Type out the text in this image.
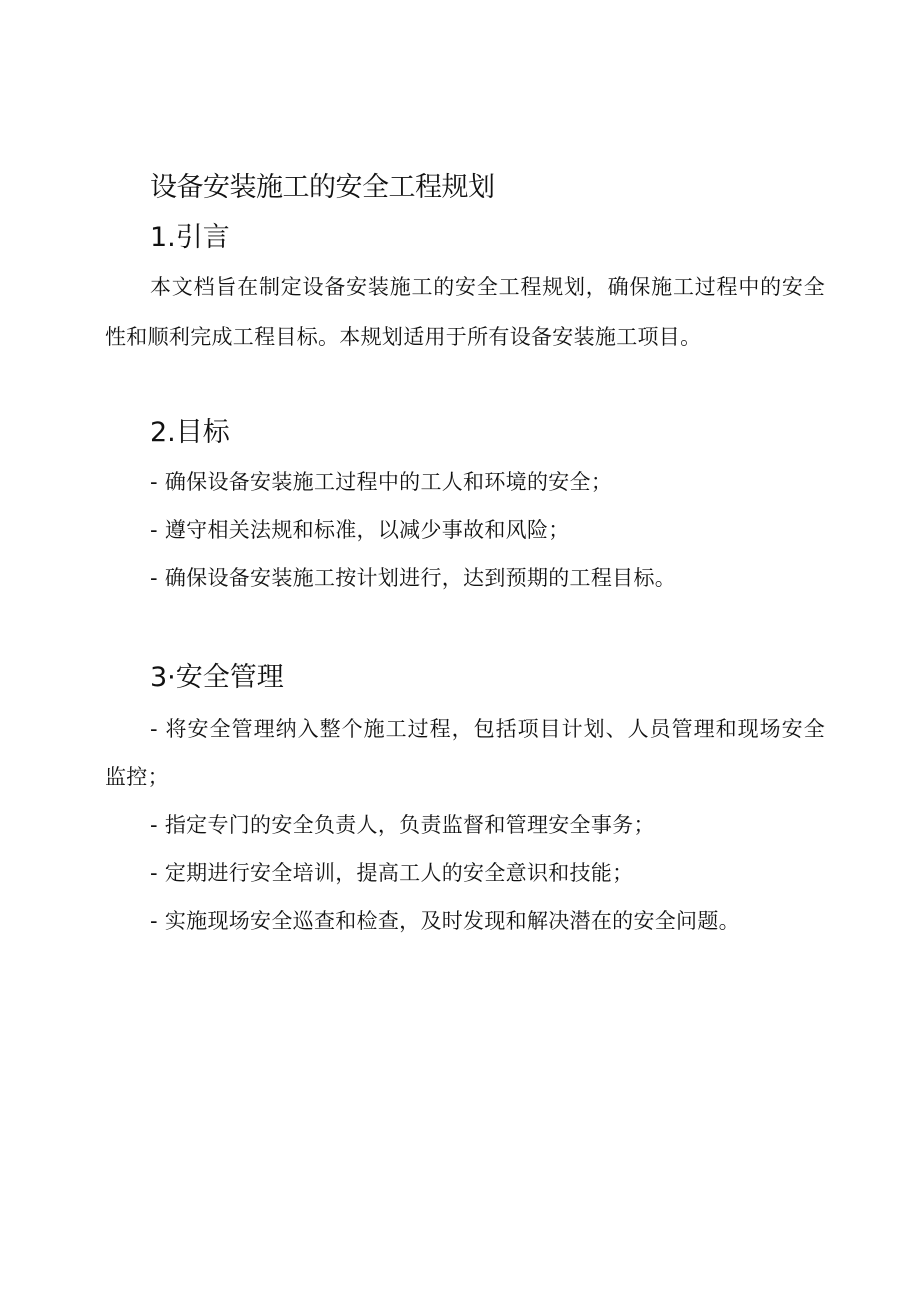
设备安装施工的安全工程规划
1.引言
本文档旨在制定设备安装施工的安全工程规划，确保施工过程中的安全性和顺利完成工程目标。本规划适用于所有设备安装施工项目。
2.目标
- 确保设备安装施工过程中的工人和环境的安全；
- 遵守相关法规和标准，以减少事故和风险；
- 确保设备安装施工按计划进行，达到预期的工程目标。
3·安全管理
- 将安全管理纳入整个施工过程，包括项目计划、人员管理和现场安全监控；
- 指定专门的安全负责人，负责监督和管理安全事务；
- 定期进行安全培训，提高工人的安全意识和技能；
- 实施现场安全巡查和检查，及时发现和解决潜在的安全问题。
